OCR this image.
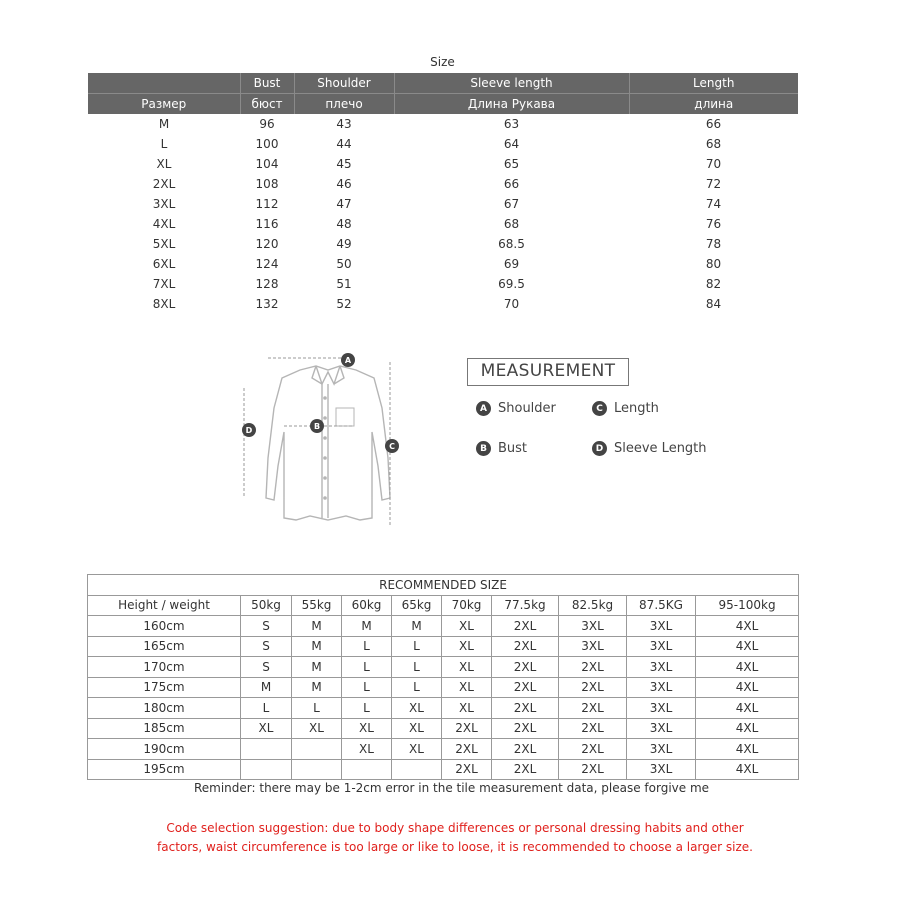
Size
	Bust	Shoulder	Sleeve length	Length
Размер	бюст	плечо	Длина Рукава	длина
M	96	43	63	66
L	100	44	64	68
XL	104	45	65	70
2XL	108	46	66	72
3XL	112	47	67	74
4XL	116	48	68	76
5XL	120	49	68.5	78
6XL	124	50	69	80
7XL	128	51	69.5	82
8XL	132	52	70	84
A
B
C
D
MEASUREMENT
A Shoulder	C Length
B Bust	D Sleeve Length
RECOMMENDED SIZE									
Height / weight	50kg	55kg	60kg	65kg	70kg	77.5kg	82.5kg	87.5KG	95-100kg
160cm	S	M	M	M	XL	2XL	3XL	3XL	4XL
165cm	S	M	L	L	XL	2XL	3XL	3XL	4XL
170cm	S	M	L	L	XL	2XL	2XL	3XL	4XL
175cm	M	M	L	L	XL	2XL	2XL	3XL	4XL
180cm	L	L	L	XL	XL	2XL	2XL	3XL	4XL
185cm	XL	XL	XL	XL	2XL	2XL	2XL	3XL	4XL
190cm			XL	XL	2XL	2XL	2XL	3XL	4XL
195cm					2XL	2XL	2XL	3XL	4XL
Reminder: there may be 1-2cm error in the tile measurement data, please forgive me
Code selection suggestion: due to body shape differences or personal dressing habits and other
factors, waist circumference is too large or like to loose, it is recommended to choose a larger size.
